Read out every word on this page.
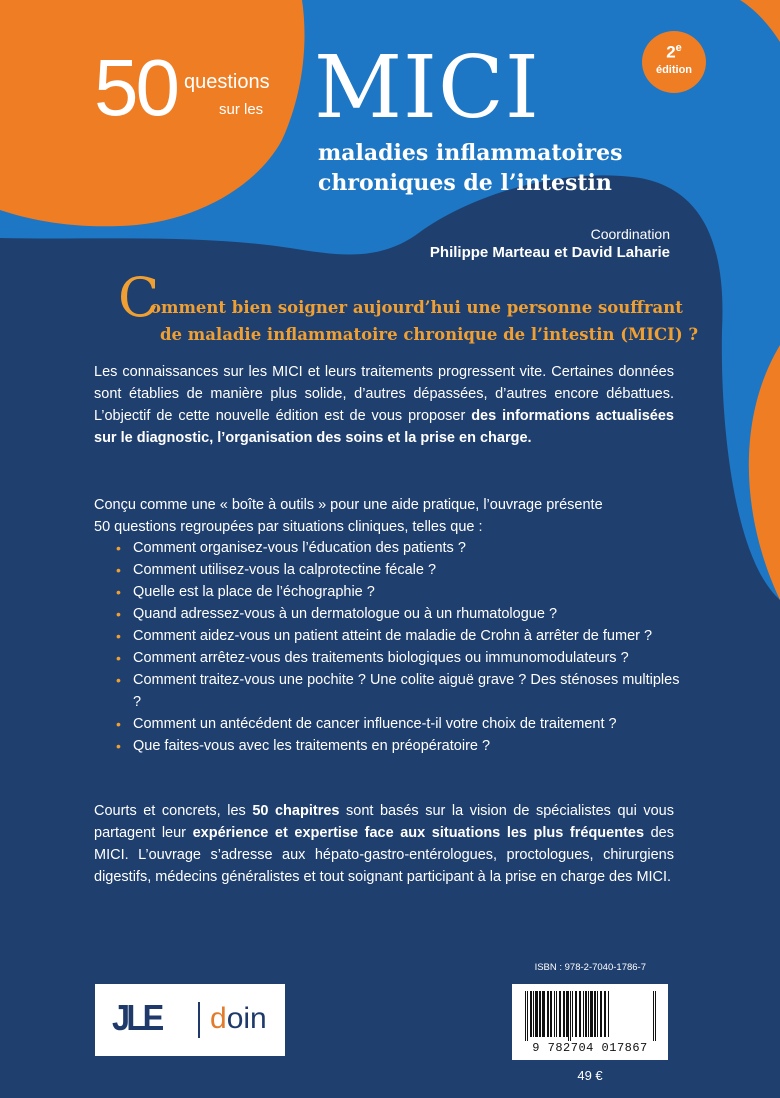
50 questions
sur les MICI
maladies inflammatoires
chroniques de l’intestin
2e
édition
Coordination
Philippe Marteau et David Laharie
C
omment bien soigner aujourd’hui une personne souffrant
de maladie inflammatoire chronique de l’intestin (MICI) ?

Les connaissances sur les MICI et leurs traitements progressent vite. Certaines données sont établies de manière plus solide, d’autres dépassées, d’autres encore débattues. L’objectif de cette nouvelle édition est de vous proposer des informations actualisées sur le diagnostic, l’organisation des soins et la prise en charge.

Conçu comme une « boîte à outils » pour une aide pratique, l’ouvrage présente
50 questions regroupées par situations cliniques, telles que :

• Comment organisez-vous l’éducation des patients ?
• Comment utilisez-vous la calprotectine fécale ?
• Quelle est la place de l’échographie ?
• Quand adressez-vous à un dermatologue ou à un rhumatologue ?
• Comment aidez-vous un patient atteint de maladie de Crohn à arrêter de fumer ?
• Comment arrêtez-vous des traitements biologiques ou immunomodulateurs ?
• Comment traitez-vous une pochite ? Une colite aiguë grave ? Des sténoses multiples ?
• Comment un antécédent de cancer influence-t-il votre choix de traitement ?
• Que faites-vous avec les traitements en préopératoire ?

Courts et concrets, les 50 chapitres sont basés sur la vision de spécialistes qui vous partagent leur expérience et expertise face aux situations les plus fréquentes des MICI. L’ouvrage s’adresse aux hépato-gastro-entérologues, proctologues, chirurgiens digestifs, médecins généralistes et tout soignant participant à la prise en charge des MICI.

JLE doin
ISBN : 978-2-7040-1786-7
9 782704 017867
49 €
